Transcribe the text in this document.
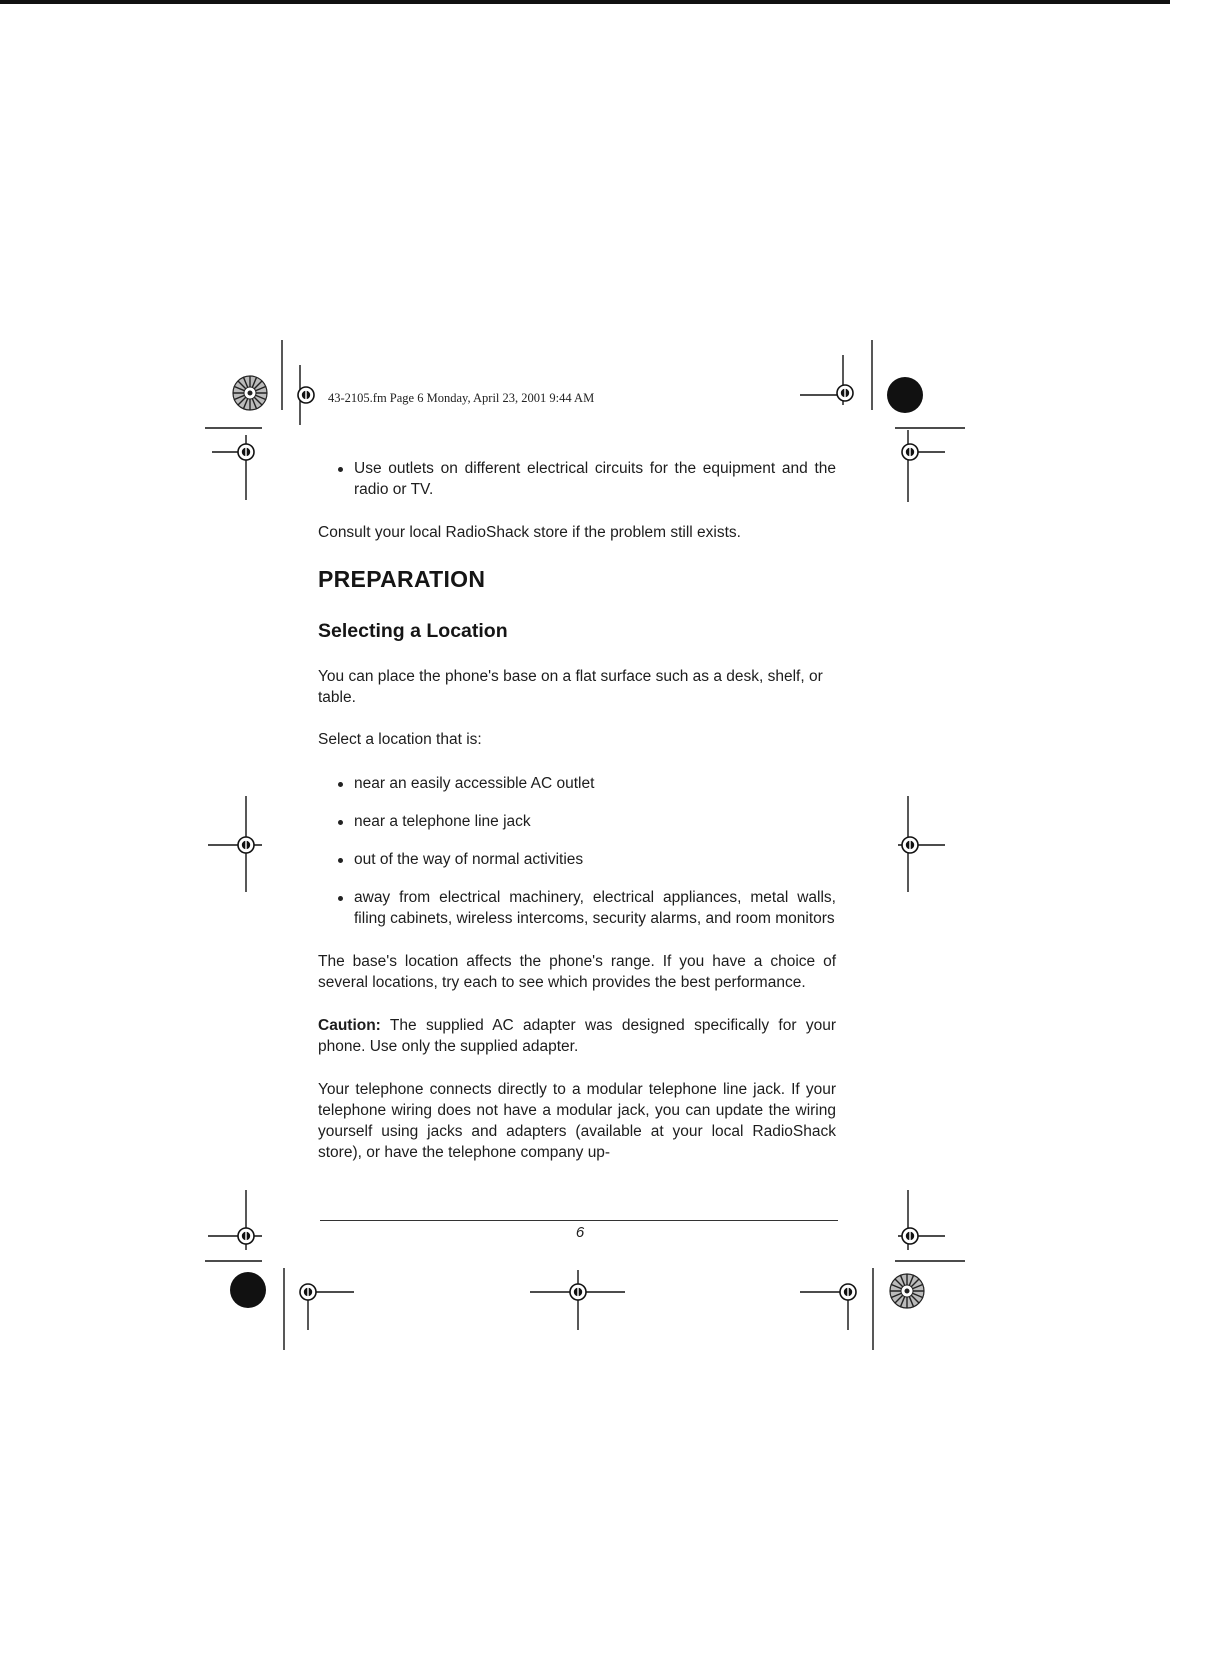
43-2105.fm Page 6 Monday, April 23, 2001 9:44 AM

Use outlets on different electrical circuits for the equipment and the radio or TV.

Consult your local RadioShack store if the problem still exists.

PREPARATION
Selecting a Location

You can place the phone's base on a flat surface such as a desk, shelf, or table.

Select a location that is:

near an easily accessible AC outlet

near a telephone line jack

out of the way of normal activities

away from electrical machinery, electrical appliances, metal walls, filing cabinets, wireless intercoms, security alarms, and room monitors

The base's location affects the phone's range. If you have a choice of several locations, try each to see which provides the best performance.

Caution: The supplied AC adapter was designed specifically for your phone. Use only the supplied adapter.

Your telephone connects directly to a modular telephone line jack. If your telephone wiring does not have a modular jack, you can update the wiring yourself using jacks and adapters (available at your local RadioShack store), or have the telephone company up-

6
